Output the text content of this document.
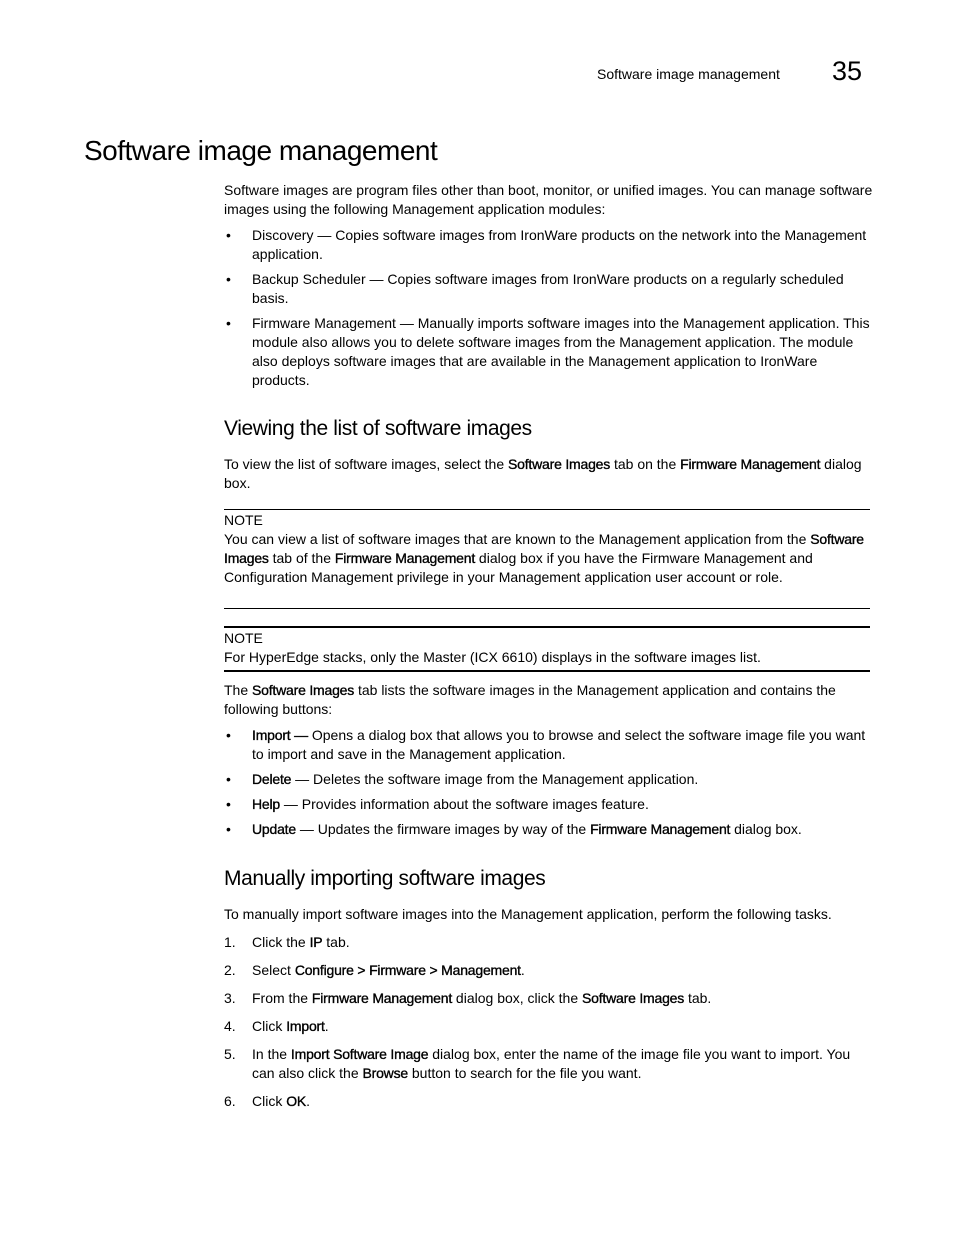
Software image management 35
Software image management
Software images are program files other than boot, monitor, or unified images. You can manage software images using the following Management application modules:
• Discovery — Copies software images from IronWare products on the network into the Management application.
• Backup Scheduler — Copies software images from IronWare products on a regularly scheduled basis.
• Firmware Management — Manually imports software images into the Management application. This module also allows you to delete software images from the Management application. The module also deploys software images that are available in the Management application to IronWare products.
Viewing the list of software images
To view the list of software images, select the Software Images tab on the Firmware Management dialog box.
NOTE
You can view a list of software images that are known to the Management application from the Software Images tab of the Firmware Management dialog box if you have the Firmware Management and Configuration Management privilege in your Management application user account or role.
NOTE
For HyperEdge stacks, only the Master (ICX 6610) displays in the software images list.
The Software Images tab lists the software images in the Management application and contains the following buttons:
• Import — Opens a dialog box that allows you to browse and select the software image file you want to import and save in the Management application.
• Delete — Deletes the software image from the Management application.
• Help — Provides information about the software images feature.
• Update — Updates the firmware images by way of the Firmware Management dialog box.
Manually importing software images
To manually import software images into the Management application, perform the following tasks.
1. Click the IP tab.
2. Select Configure > Firmware > Management.
3. From the Firmware Management dialog box, click the Software Images tab.
4. Click Import.
5. In the Import Software Image dialog box, enter the name of the image file you want to import. You can also click the Browse button to search for the file you want.
6. Click OK.
